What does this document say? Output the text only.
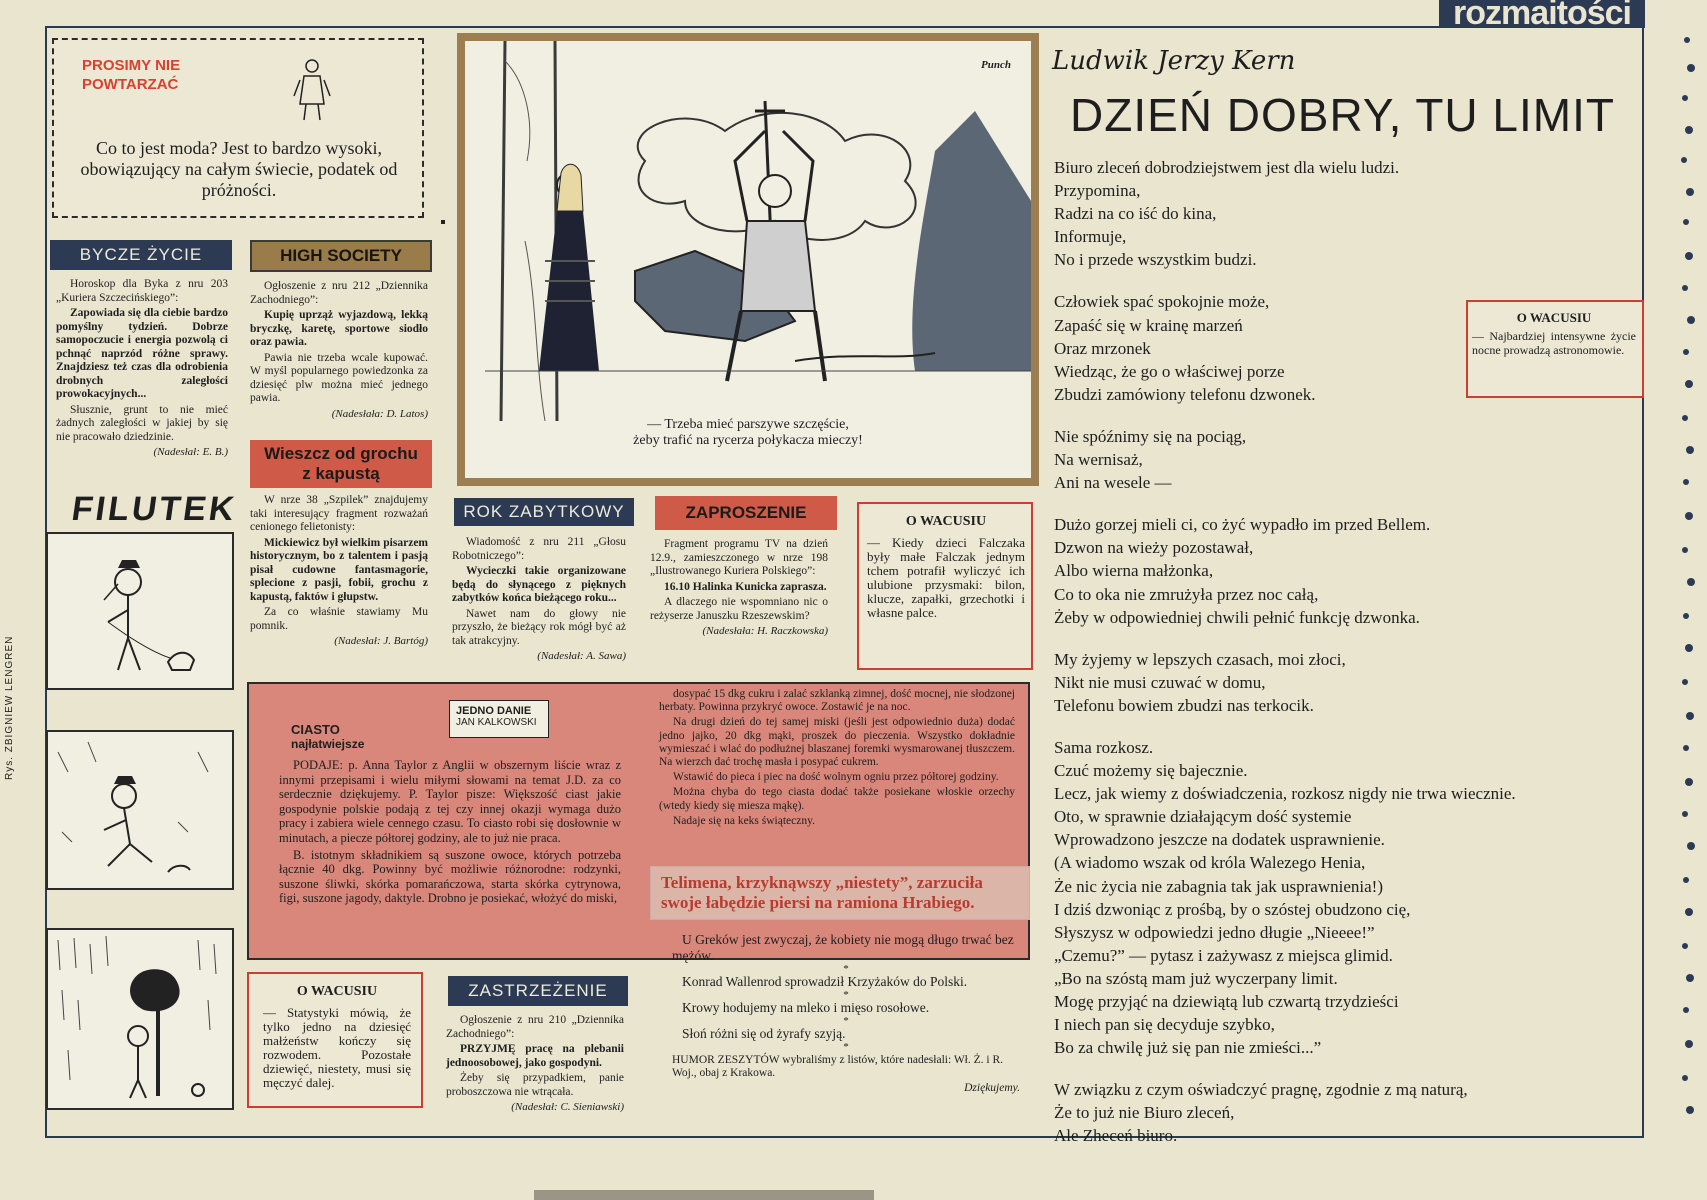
rozmaitości
Rys. ZBIGNIEW LENGREN
PROSIMY NIE
POWTARZAĆ
Co to jest moda? Jest to bardzo wysoki, obowiązujący na całym świecie, podatek od próżności.
BYCZE ŻYCIE

Horoskop dla Byka z nru 203 „Kuriera Szczecińskiego”:

Zapowiada się dla ciebie bardzo pomyślny tydzień. Dobrze samopoczucie i energia pozwolą ci pchnąć naprzód różne sprawy. Znajdziesz też czas dla odrobienia drobnych zaległości prowokacyjnych...

Słusznie, grunt to nie mieć żadnych zaległości w jakiej by się nie pracowało dziedzinie.

(Nadesłał: E. B.)
HIGH SOCIETY

Ogłoszenie z nru 212 „Dziennika Zachodniego”:

Kupię uprząż wyjazdową, lekką bryczkę, karetę, sportowe siodło oraz pawia.

Pawia nie trzeba wcale kupować. W myśl popularnego powiedzonka za dziesięć plw można mieć jednego pawia.

(Nadesłała: D. Latos)
Wieszcz od grochu
z kapustą

W nrze 38 „Szpilek” znajdujemy taki interesujący fragment rozważań cenionego felietonisty:

Mickiewicz był wielkim pisarzem historycznym, bo z talentem i pasją pisał cudowne fantasmagorie, splecione z pasji, fobii, grochu z kapustą, faktów i głupstw.

Za co właśnie stawiamy Mu pomnik.

(Nadesłał: J. Bartóg)
FILUTEK
Punch
— Trzeba mieć parszywe szczęście,
żeby trafić na rycerza połykacza mieczy!
ROK ZABYTKOWY

Wiadomość z nru 211 „Głosu Robotniczego”:

Wycieczki takie organizowane będą do słynącego z pięknych zabytków końca bieżącego roku...

Nawet nam do głowy nie przyszło, że bieżący rok mógł być aż tak atrakcyjny.

(Nadesłał: A. Sawa)
ZAPROSZENIE

Fragment programu TV na dzień 12.9., zamieszczonego w nrze 198 „Ilustrowanego Kuriera Polskiego”:

16.10 Halinka Kunicka zaprasza.

A dlaczego nie wspomniano nic o reżyserze Januszku Rzeszewskim?

(Nadesłała: H. Raczkowska)
O WACUSIU
— Kiedy dzieci Falczaka były małe Falczak jednym tchem potrafił wyliczyć ich ulubione przysmaki: bilon, klucze, zapałki, grzechotki i własne palce.
JEDNO DANIE
JAN KALKOWSKI
CIASTO
najłatwiejsze

PODAJE: p. Anna Taylor z Anglii w obszernym liście wraz z innymi przepisami i wielu miłymi słowami na temat J.D. za co serdecznie dziękujemy. P. Taylor pisze: Większość ciast jakie gospodynie polskie podają z tej czy innej okazji wymaga dużo pracy i zabiera wiele cennego czasu. To ciasto robi się dosłownie w minutach, a piecze półtorej godziny, ale to już nie praca.

B. istotnym składnikiem są suszone owoce, których potrzeba łącznie 40 dkg. Powinny być możliwie różnorodne: rodzynki, suszone śliwki, skórka pomarańczowa, starta skórka cytrynowa, figi, suszone jagody, daktyle. Drobno je posiekać, włożyć do miski,

dosypać 15 dkg cukru i zalać szklanką zimnej, dość mocnej, nie słodzonej herbaty. Powinna przykryć owoce. Zostawić je na noc.

Na drugi dzień do tej samej miski (jeśli jest odpowiednio duża) dodać jedno jajko, 20 dkg mąki, proszek do pieczenia. Wszystko dokładnie wymieszać i wlać do podłużnej blaszanej foremki wysmarowanej tłuszczem. Na wierzch dać trochę masła i posypać cukrem.

Wstawić do pieca i piec na dość wolnym ogniu przez półtorej godziny.

Można chyba do tego ciasta dodać także posiekane włoskie orzechy (wtedy kiedy się miesza mąkę).

Nadaje się na keks świąteczny.

O WACUSIU
— Statystyki mówią, że tylko jedno na dziesięć małżeństw kończy się rozwodem. Pozostałe dziewięć, niestety, musi się męczyć dalej.
ZASTRZEŻENIE

Ogłoszenie z nru 210 „Dziennika Zachodniego”:

PRZYJMĘ pracę na plebanii jednoosobowej, jako gospodyni.

Żeby się przypadkiem, panie proboszczowa nie wtrącała.

(Nadesłał: C. Sieniawski)
Telimena, krzyknąwszy „niestety”, zarzuciła swoje łabędzie piersi na ramiona Hrabiego.
U Greków jest zwyczaj, że kobiety nie mogą długo trwać bez mężów.
*
Konrad Wallenrod sprowadził Krzyżaków do Polski.
*
Krowy hodujemy na mleko i mięso rosołowe.
*
Słoń różni się od żyrafy szyją.
*
HUMOR ZESZYTÓW wybraliśmy z listów, które nadesłali: Wł. Ż. i R. Woj., obaj z Krakowa.
Dziękujemy.
Ludwik Jerzy Kern
DZIEŃ DOBRY, TU LIMIT
Biuro zleceń dobrodziejstwem jest dla wielu ludzi.
Przypomina,
Radzi na co iść do kina,
Informuje,
No i przede wszystkim budzi.
Człowiek spać spokojnie może,
Zapaść się w krainę marzeń
Oraz mrzonek
Wiedząc, że go o właściwej porze
Zbudzi zamówiony telefonu dzwonek.
Nie spóźnimy się na pociąg,
Na wernisaż,
Ani na wesele —
Dużo gorzej mieli ci, co żyć wypadło im przed Bellem.
Dzwon na wieży pozostawał,
Albo wierna małżonka,
Co to oka nie zmrużyła przez noc całą,
Żeby w odpowiedniej chwili pełnić funkcję dzwonka.
My żyjemy w lepszych czasach, moi złoci,
Nikt nie musi czuwać w domu,
Telefonu bowiem zbudzi nas terkocik.
Sama rozkosz.
Czuć możemy się bajecznie.
Lecz, jak wiemy z doświadczenia, rozkosz nigdy nie trwa wiecznie.
Oto, w sprawnie działającym dość systemie
Wprowadzono jeszcze na dodatek usprawnienie.
(A wiadomo wszak od króla Walezego Henia,
Że nic życia nie zabagnia tak jak usprawnienia!)
I dziś dzwoniąc z prośbą, by o szóstej obudzono cię,
Słyszysz w odpowiedzi jedno długie „Nieeee!”
„Czemu?” — pytasz i zażywasz z miejsca glimid.
„Bo na szóstą mam już wyczerpany limit.
Mogę przyjąć na dziewiątą lub czwartą trzydzieści
I niech pan się decyduje szybko,
Bo za chwilę już się pan nie zmieści...”
W związku z czym oświadczyć pragnę, zgodnie z mą naturą,
Że to już nie Biuro zleceń,
Ale Zheceń biuro.
O WACUSIU
— Najbardziej intensywne życie nocne prowadzą astronomowie.
